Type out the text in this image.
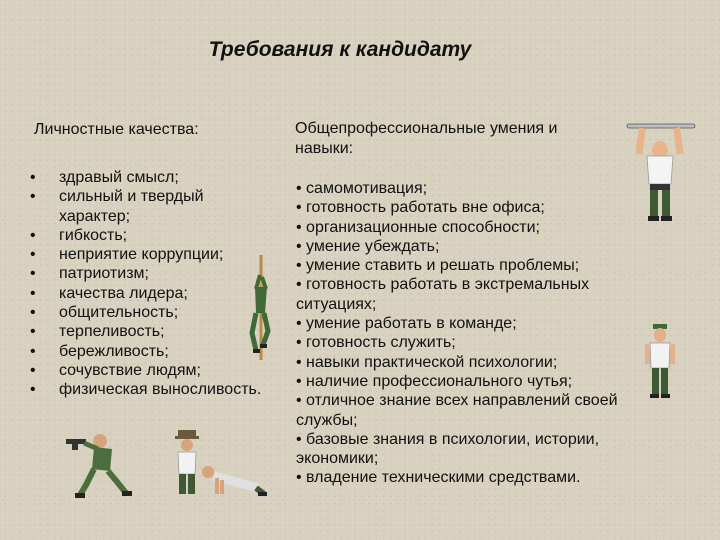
Требования к кандидату
Личностные качества:
• здравый смысл;
• сильный и твердый характер;
• гибкость;
• неприятие коррупции;
• патриотизм;
• качества лидера;
• общительность;
• терпеливость;
• бережливость;
• сочувствие людям;
• физическая выносливость.
Общепрофессиональные умения и навыки:
• самомотивация;
• готовность работать вне офиса;
• организационные способности;
• умение убеждать;
• умение ставить и решать проблемы;
• готовность работать в экстремальных
ситуациях;
• умение работать в команде;
• готовность служить;
• навыки практической психологии;
• наличие профессионального чутья;
• отличное знание всех направлений своей
службы;
• базовые знания в психологии, истории,
экономики;
• владение техническими средствами.
